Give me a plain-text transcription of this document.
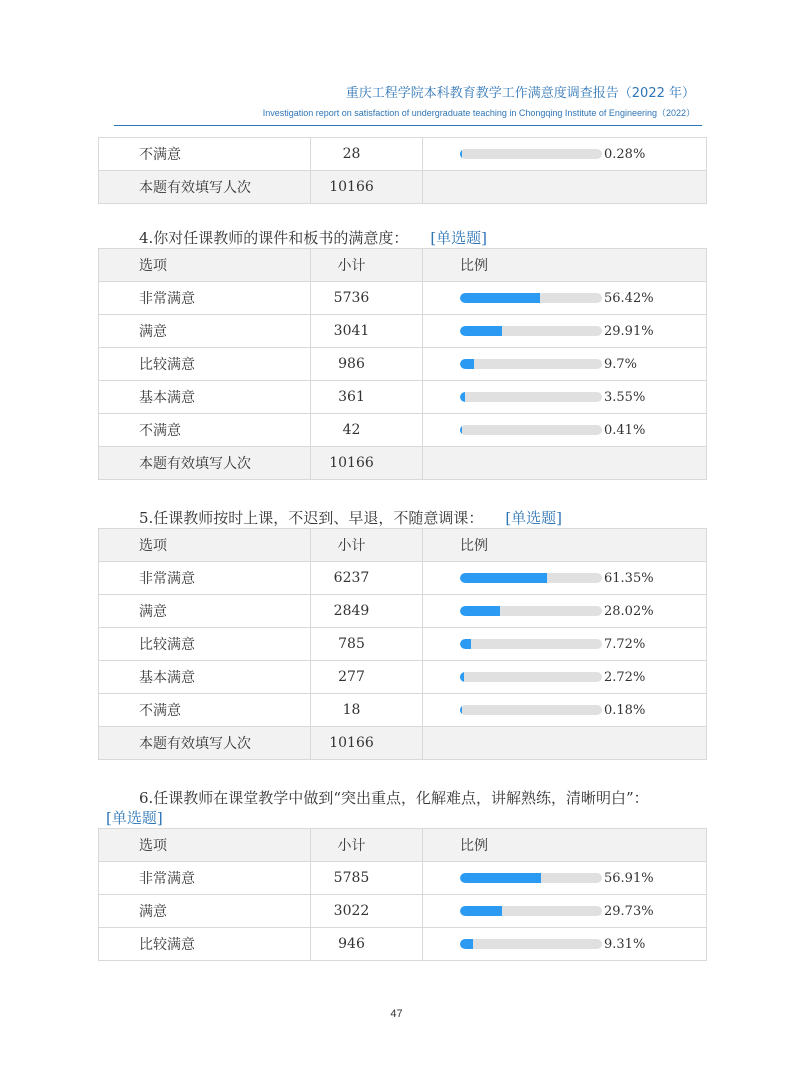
重庆工程学院本科教育教学工作满意度调查报告（2022 年）
Investigation report on satisfaction of undergraduate teaching in Chongqing Institute of Engineering（2022）
不满意	28	0.28%

本题有效填写人次	10166	
4.你对任课教师的课件和板书的满意度： [单选题]
选项	小计	比例
非常满意	5736	56.42%

满意	3041	29.91%

比较满意	986	9.7%

基本满意	361	3.55%

不满意	42	0.41%

本题有效填写人次	10166	
5.任课教师按时上课，不迟到、早退，不随意调课： [单选题]
选项	小计	比例
非常满意	6237	61.35%

满意	2849	28.02%

比较满意	785	7.72%

基本满意	277	2.72%

不满意	18	0.18%

本题有效填写人次	10166	
6.任课教师在课堂教学中做到“突出重点，化解难点，讲解熟练，清晰明白”：
[单选题]
选项	小计	比例
非常满意	5785	56.91%

满意	3022	29.73%

比较满意	946	9.31%
47
